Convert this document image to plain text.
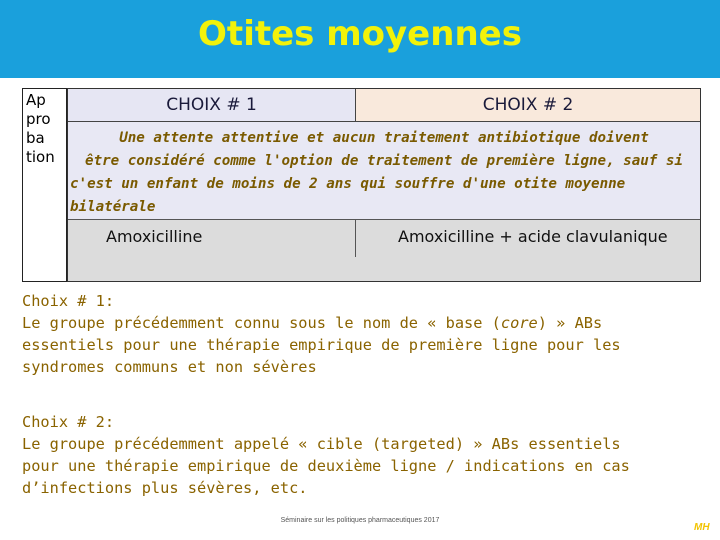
Otites moyennes
Ap
pro
ba
tion
CHOIX # 1	CHOIX # 2
Une attente attentive et aucun traitement antibiotique doivent
être considéré comme l'option de traitement de première ligne, sauf si
c'est un enfant de moins de 2 ans qui souffre d'une otite moyenne
bilatérale
Amoxicilline	Amoxicilline + acide clavulanique
Choix # 1:
Le groupe précédemment connu sous le nom de « base (core) » ABs
essentiels pour une thérapie empirique de première ligne pour les
syndromes communs et non sévères
Choix # 2:
Le groupe précédemment appelé « cible (targeted) » ABs essentiels
pour une thérapie empirique de deuxième ligne / indications en cas
d’infections plus sévères, etc.
Séminaire sur les politiques pharmaceutiques 2017
MH
